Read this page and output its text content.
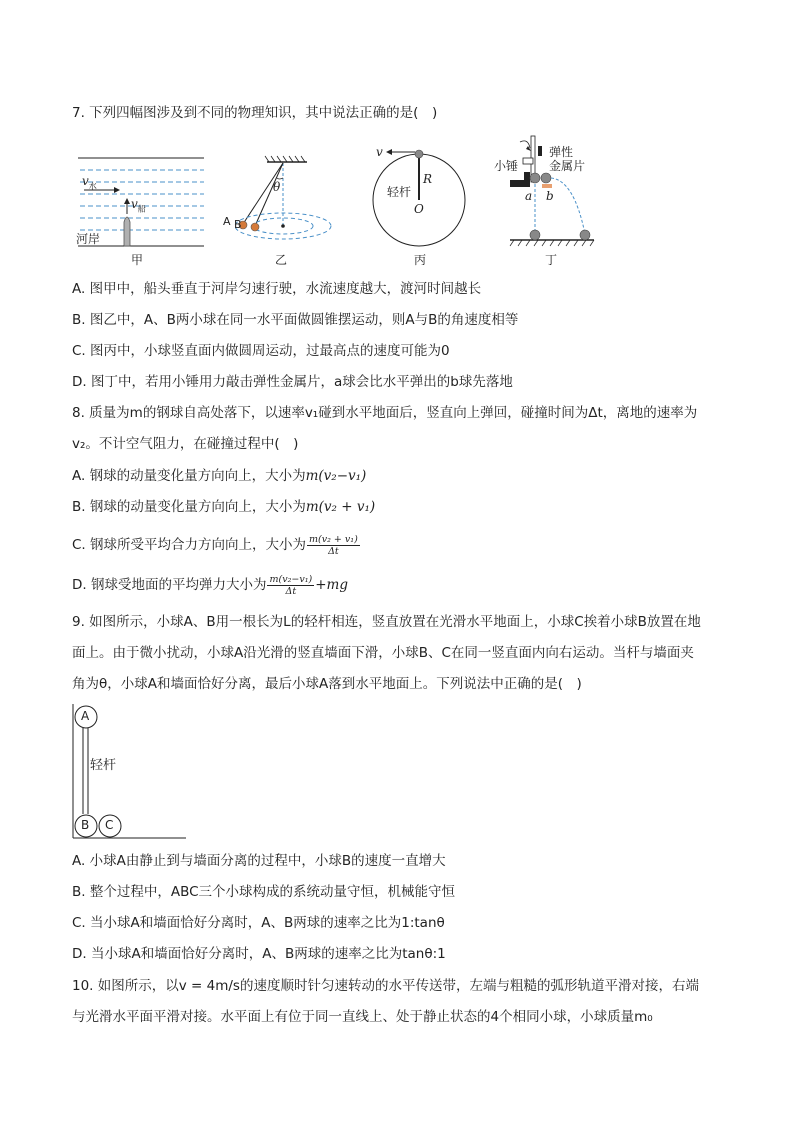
7. 下列四幅图涉及到不同的物理知识，其中说法正确的是(　)
$v_水$
$v_船$
河岸
甲
θ
A B
乙
v
R
轻杆
O
丙
小锤
弹性
金属片
a b
丁
A. 图甲中，船头垂直于河岸匀速行驶，水流速度越大，渡河时间越长
B. 图乙中，A、B两小球在同一水平面做圆锥摆运动，则A与B的角速度相等
C. 图丙中，小球竖直面内做圆周运动，过最高点的速度可能为0
D. 图丁中，若用小锤用力敲击弹性金属片，a球会比水平弹出的b球先落地
8. 质量为m的钢球自高处落下，以速率v₁碰到水平地面后，竖直向上弹回，碰撞时间为Δt，离地的速率为
v₂。不计空气阻力，在碰撞过程中(　)
A. 钢球的动量变化量方向向上，大小为m(v₂−v₁)
B. 钢球的动量变化量方向向上，大小为m(v₂ + v₁)
C. 钢球所受平均合力方向向上，大小为 $\frac{\text{m(v₂ + v₁)}}{\Delta t}$
D. 钢球受地面的平均弹力大小为 $\frac{\text{m(v₂−v₁)}}{\Delta t} +mg$
9. 如图所示，小球A、B用一根长为L的轻杆相连，竖直放置在光滑水平地面上，小球C挨着小球B放置在地
面上。由于微小扰动，小球A沿光滑的竖直墙面下滑，小球B、C在同一竖直面内向右运动。当杆与墙面夹
角为θ，小球A和墙面恰好分离，最后小球A落到水平地面上。下列说法中正确的是(　)
A
B C
轻杆
A. 小球A由静止到与墙面分离的过程中，小球B的速度一直增大
B. 整个过程中，ABC三个小球构成的系统动量守恒，机械能守恒
C. 当小球A和墙面恰好分离时，A、B两球的速率之比为1:tanθ
D. 当小球A和墙面恰好分离时，A、B两球的速率之比为tanθ:1
10. 如图所示，以v = 4m/s的速度顺时针匀速转动的水平传送带，左端与粗糙的弧形轨道平滑对接，右端
与光滑水平面平滑对接。水平面上有位于同一直线上、处于静止状态的4个相同小球，小球质量m₀
